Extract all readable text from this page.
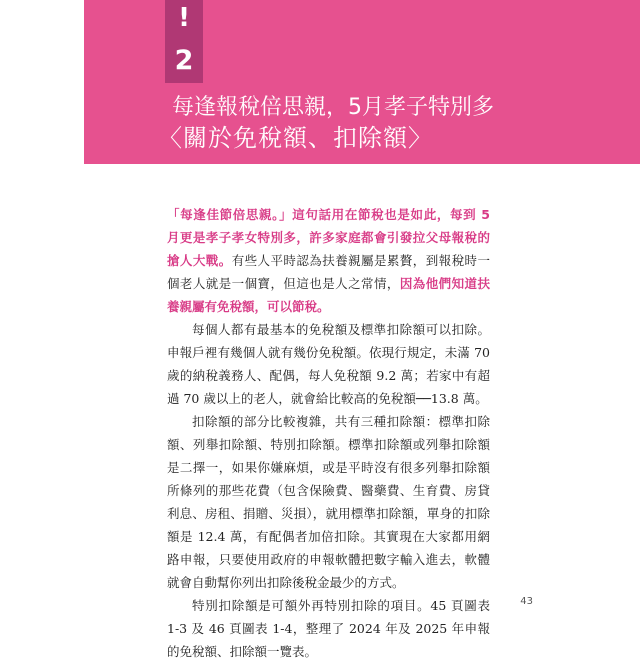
!
2
每逢報稅倍思親，5月孝子特別多
〈關於免稅額、扣除額〉

「每逢佳節倍思親。」這句話用在節稅也是如此，每到 5 月更是孝子孝女特別多，許多家庭都會引發拉父母報稅的搶人大戰。有些人平時認為扶養親屬是累贅，到報稅時一個老人就是一個寶，但這也是人之常情，因為他們知道扶養親屬有免稅額，可以節稅。

每個人都有最基本的免稅額及標準扣除額可以扣除。申報戶裡有幾個人就有幾份免稅額。依現行規定，未滿 70 歲的納稅義務人、配偶，每人免稅額 9.2 萬；若家中有超過 70 歲以上的老人，就會給比較高的免稅額──13.8 萬。

扣除額的部分比較複雜，共有三種扣除額：標準扣除額、列舉扣除額、特別扣除額。標準扣除額或列舉扣除額是二擇一，如果你嫌麻煩，或是平時沒有很多列舉扣除額所條列的那些花費（包含保險費、醫藥費、生育費、房貸利息、房租、捐贈、災損），就用標準扣除額，單身的扣除額是 12.4 萬，有配偶者加倍扣除。其實現在大家都用網路申報，只要使用政府的申報軟體把數字輸入進去，軟體就會自動幫你列出扣除後稅金最少的方式。

特別扣除額是可額外再特別扣除的項目。45 頁圖表 1-3 及 46 頁圖表 1-4，整理了 2024 年及 2025 年申報的免稅額、扣除額一覽表。

43
